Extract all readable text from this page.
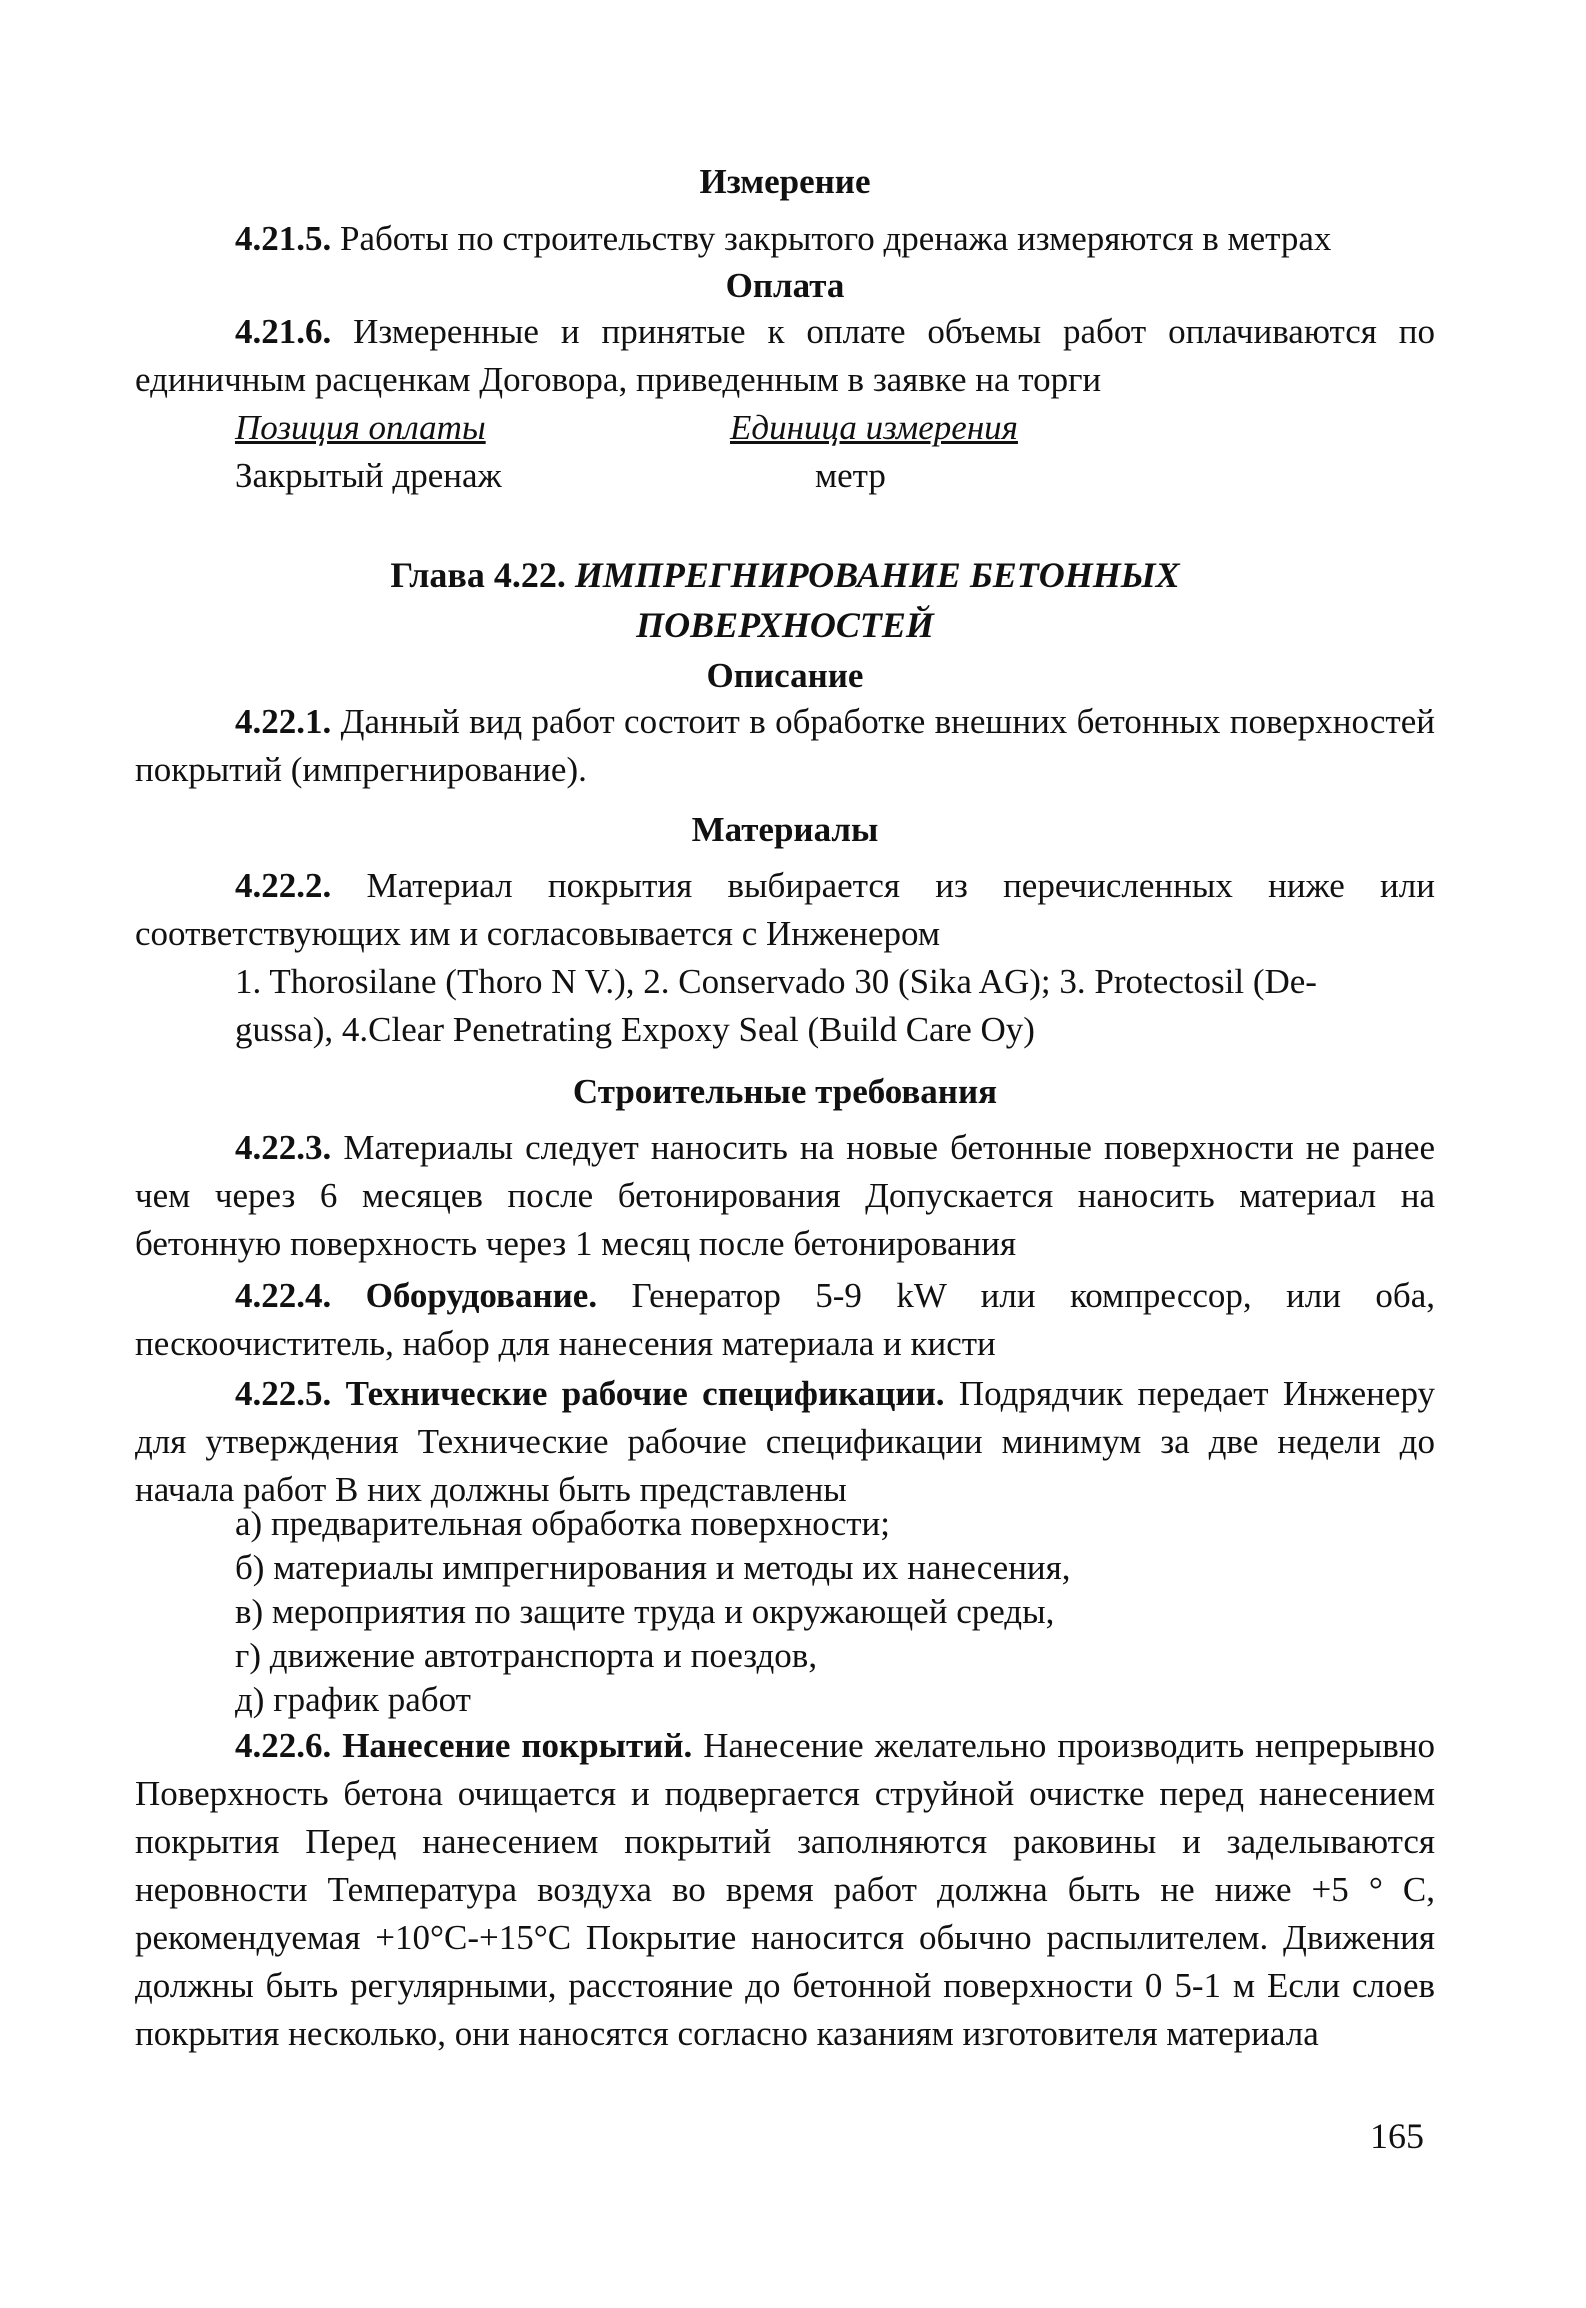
Измерение

4.21.5. Работы по строительству закрытого дренажа измеряются в метрах

Оплата

4.21.6. Измеренные и принятые к оплате объемы работ оплачиваются по единичным расценкам Договора, приведенным в заявке на торги

Позиция оплаты	Единица измерения
Закрытый дренаж	метр
Глава 4.22. ИМПРЕГНИРОВАНИЕ БЕТОННЫХ
ПОВЕРХНОСТЕЙ
Описание

4.22.1. Данный вид работ состоит в обработке внешних бетонных поверхностей покрытий (импрегнирование).

Материалы

4.22.2. Материал покрытия выбирается из перечисленных ниже или соответствующих им и согласовывается с Инженером

1. Thorosilane (Thoro N V.), 2. Conservado 30 (Sika AG); 3. Protectosil (De-
gussa), 4.Clear Penetrating Expoxy Seal (Build Care Oy)
Строительные требования

4.22.3. Материалы следует наносить на новые бетонные поверхности не ранее чем через 6 месяцев после бетонирования Допускается наносить материал на бетонную поверхность через 1 месяц после бетонирования

4.22.4. Оборудование. Генератор 5-9 kW или компрессор, или оба, пескоочиститель, набор для нанесения материала и кисти

4.22.5. Технические рабочие спецификации. Подрядчик передает Инженеру для утверждения Технические рабочие спецификации минимум за две недели до начала работ В них должны быть представлены

а) предварительная обработка поверхности;
б) материалы импрегнирования и методы их нанесения,
в) мероприятия по защите труда и окружающей среды,
г) движение автотранспорта и поездов,
д) график работ

4.22.6. Нанесение покрытий. Нанесение желательно производить непрерывно Поверхность бетона очищается и подвергается струйной очистке перед нанесением покрытия Перед нанесением покрытий заполняются раковины и заделываются неровности Температура воздуха во время работ должна быть не ниже +5 ° С, рекомендуемая +10°С-+15°С Покрытие наносится обычно распылителем. Движения должны быть регулярными, расстояние до бетонной поверхности 0 5-1 м Если слоев покрытия несколько, они наносятся согласно казаниям изготовителя материала

165
